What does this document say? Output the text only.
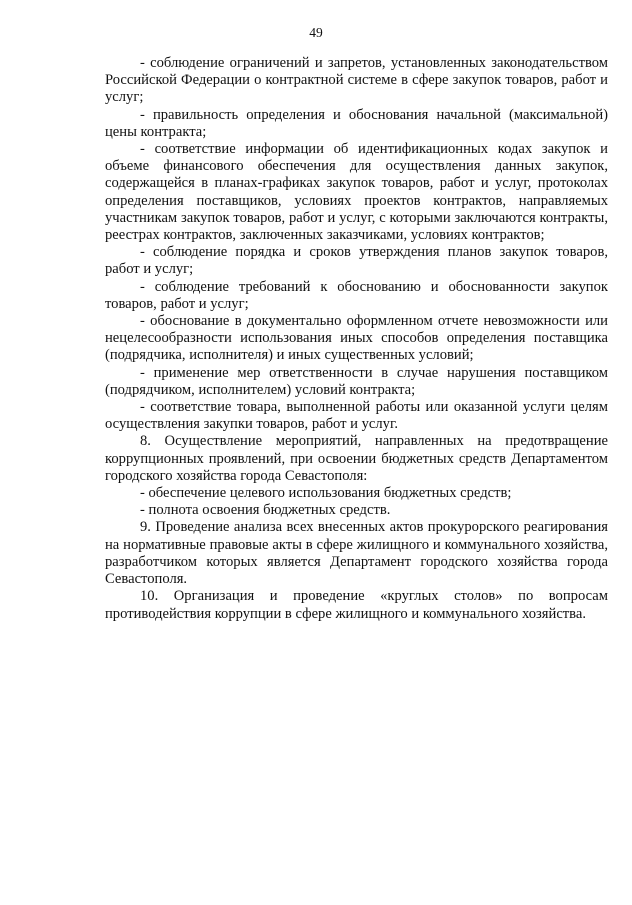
49

- соблюдение ограничений и запретов, установленных законодательством Российской Федерации о контрактной системе в сфере закупок товаров, работ и услуг;

- правильность определения и обоснования начальной (максимальной) цены контракта;

- соответствие информации об идентификационных кодах закупок и объеме финансового обеспечения для осуществления данных закупок, содержащейся в планах-графиках закупок товаров, работ и услуг, протоколах определения поставщиков, условиях проектов контрактов, направляемых участникам закупок товаров, работ и услуг, с которыми заключаются контракты, реестрах контрактов, заключенных заказчиками, условиях контрактов;

- соблюдение порядка и сроков утверждения планов закупок товаров, работ и услуг;

- соблюдение требований к обоснованию и обоснованности закупок товаров, работ и услуг;

- обоснование в документально оформленном отчете невозможности или нецелесообразности использования иных способов определения поставщика (подрядчика, исполнителя) и иных существенных условий;

- применение мер ответственности в случае нарушения поставщиком (подрядчиком, исполнителем) условий контракта;

- соответствие товара, выполненной работы или оказанной услуги целям осуществления закупки товаров, работ и услуг.

8. Осуществление мероприятий, направленных на предотвращение коррупционных проявлений, при освоении бюджетных средств Департаментом городского хозяйства города Севастополя:

- обеспечение целевого использования бюджетных средств;

- полнота освоения бюджетных средств.

9. Проведение анализа всех внесенных актов прокурорского реагирования на нормативные правовые акты в сфере жилищного и коммунального хозяйства, разработчиком которых является Департамент городского хозяйства города Севастополя.

10. Организация и проведение «круглых столов» по вопросам противодействия коррупции в сфере жилищного и коммунального хозяйства.
